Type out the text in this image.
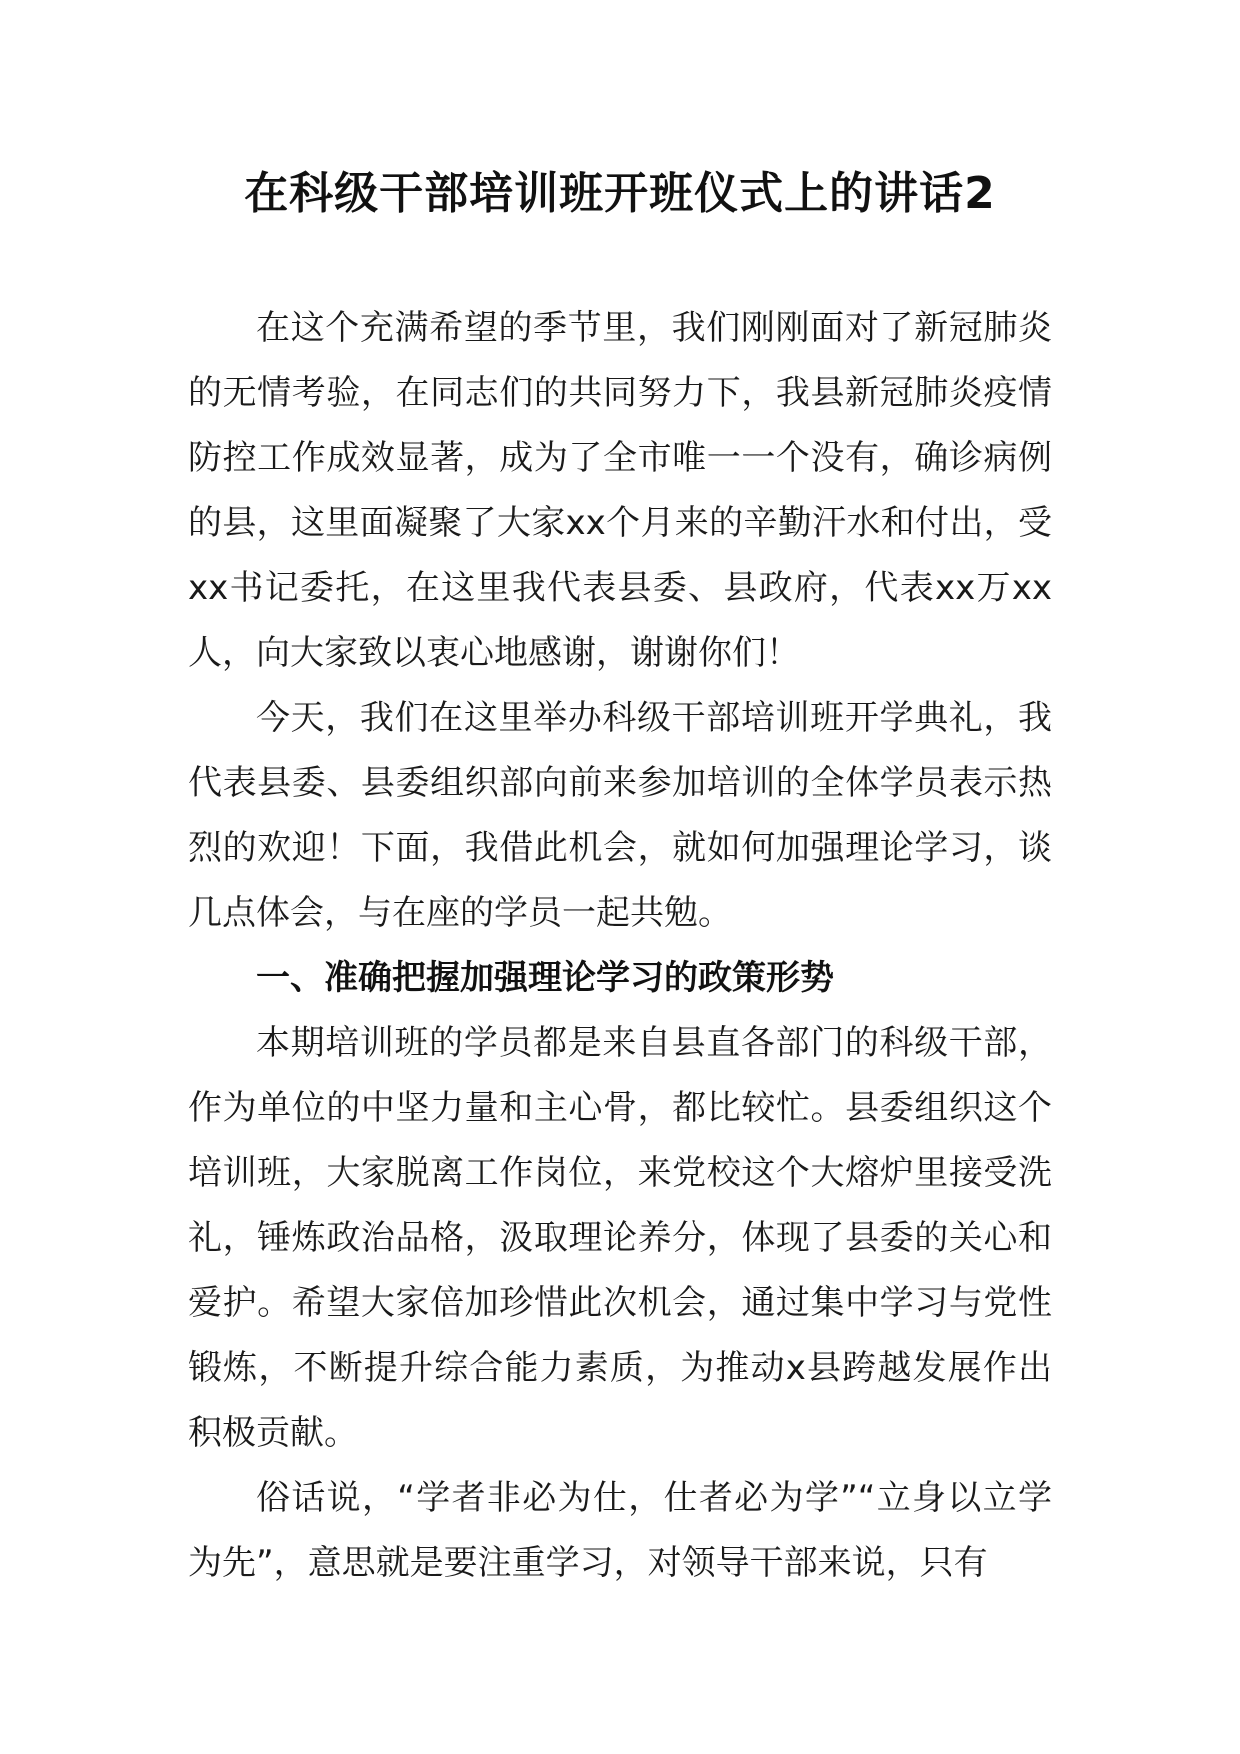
在科级干部培训班开班仪式上的讲话2

在这个充满希望的季节里，我们刚刚面对了新冠肺炎的无情考验，在同志们的共同努力下，我县新冠肺炎疫情防控工作成效显著，成为了全市唯一一个没有，确诊病例的县，这里面凝聚了大家xx个月来的辛勤汗水和付出，受xx书记委托，在这里我代表县委、县政府，代表xx万xx人，向大家致以衷心地感谢，谢谢你们！

今天，我们在这里举办科级干部培训班开学典礼，我代表县委、县委组织部向前来参加培训的全体学员表示热烈的欢迎！下面，我借此机会，就如何加强理论学习，谈几点体会，与在座的学员一起共勉。

一、准确把握加强理论学习的政策形势

本期培训班的学员都是来自县直各部门的科级干部，作为单位的中坚力量和主心骨，都比较忙。县委组织这个培训班，大家脱离工作岗位，来党校这个大熔炉里接受洗礼，锤炼政治品格，汲取理论养分，体现了县委的关心和爱护。希望大家倍加珍惜此次机会，通过集中学习与党性锻炼，不断提升综合能力素质，为推动x县跨越发展作出积极贡献。

俗话说，“学者非必为仕，仕者必为学”“立身以立学为先”，意思就是要注重学习，对领导干部来说，只有
